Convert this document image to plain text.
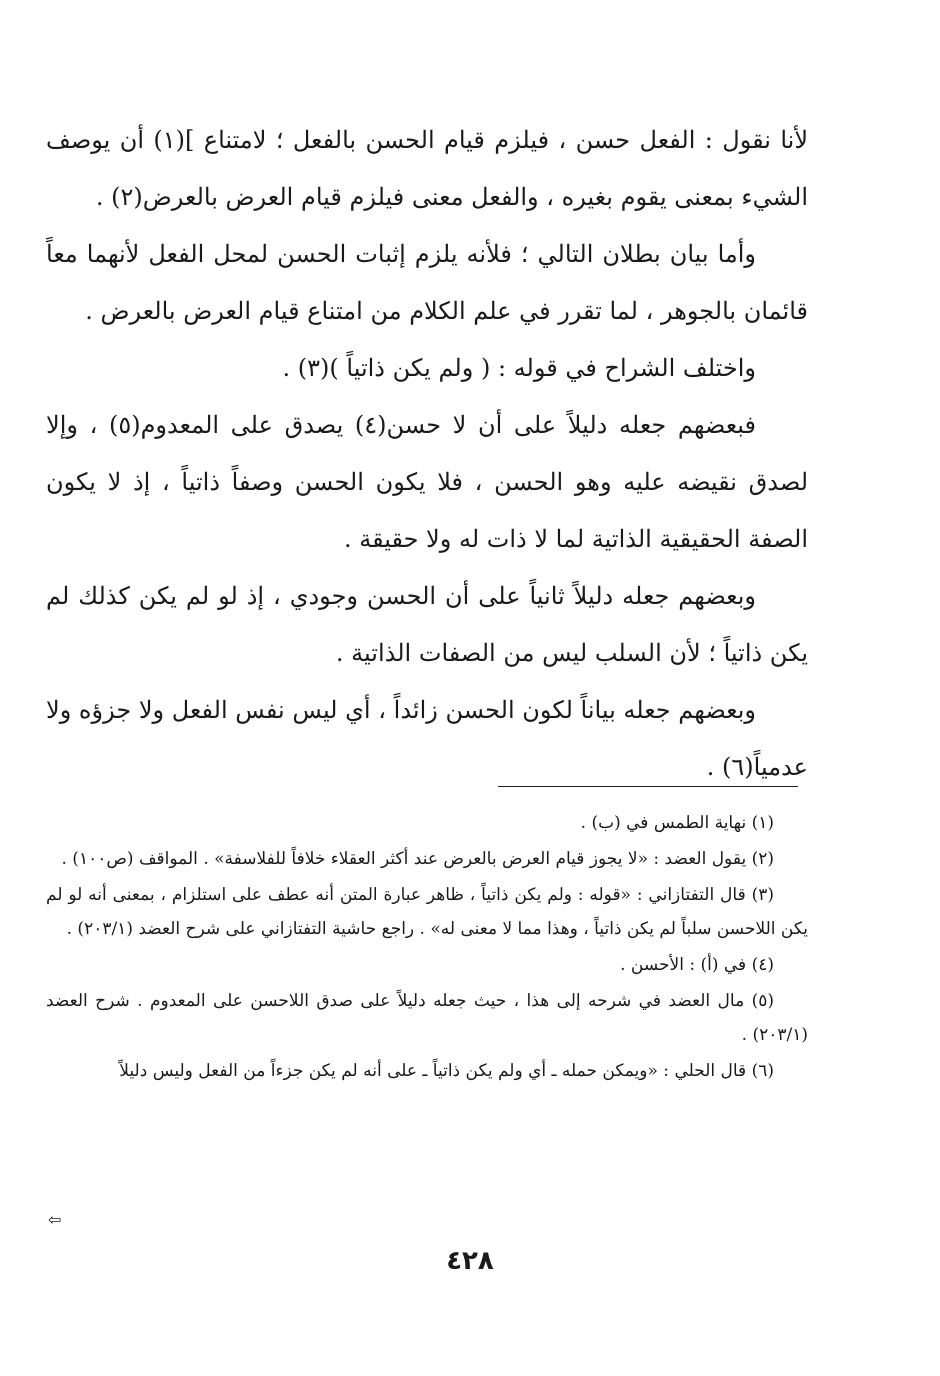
لأنا نقول : الفعل حسن ، فيلزم قيام الحسن بالفعل ؛ لامتناع ](١) أن يوصف الشيء بمعنى يقوم بغيره ، والفعل معنى فيلزم قيام العرض بالعرض(٢) .

وأما بيان بطلان التالي ؛ فلأنه يلزم إثبات الحسن لمحل الفعل لأنهما معاً قائمان بالجوهر ، لما تقرر في علم الكلام من امتناع قيام العرض بالعرض .

واختلف الشراح في قوله : ( ولم يكن ذاتياً )(٣) .

فبعضهم جعله دليلاً على أن لا حسن(٤) يصدق على المعدوم(٥) ، وإلا لصدق نقيضه عليه وهو الحسن ، فلا يكون الحسن وصفاً ذاتياً ، إذ لا يكون الصفة الحقيقية الذاتية لما لا ذات له ولا حقيقة .

وبعضهم جعله دليلاً ثانياً على أن الحسن وجودي ، إذ لو لم يكن كذلك لم يكن ذاتياً ؛ لأن السلب ليس من الصفات الذاتية .

وبعضهم جعله بياناً لكون الحسن زائداً ، أي ليس نفس الفعل ولا جزؤه ولا عدمياً(٦) .

(١) نهاية الطمس في (ب) .

(٢) يقول العضد : «لا يجوز قيام العرض بالعرض عند أكثر العقلاء خلافاً للفلاسفة» . المواقف (ص١٠٠) .

(٣) قال التفتازاني : «قوله : ولم يكن ذاتياً ، ظاهر عبارة المتن أنه عطف على استلزام ، بمعنى أنه لو لم يكن اللاحسن سلباً لم يكن ذاتياً ، وهذا مما لا معنى له» . راجع حاشية التفتازاني على شرح العضد (٢٠٣/١) .

(٤) في (أ) : الأحسن .

(٥) مال العضد في شرحه إلى هذا ، حيث جعله دليلاً على صدق اللاحسن على المعدوم . شرح العضد (٢٠٣/١) .

(٦) قال الحلي : «ويمكن حمله ـ أي ولم يكن ذاتياً ـ على أنه لم يكن جزءاً من الفعل وليس دليلاً

⇦
٤٢٨
